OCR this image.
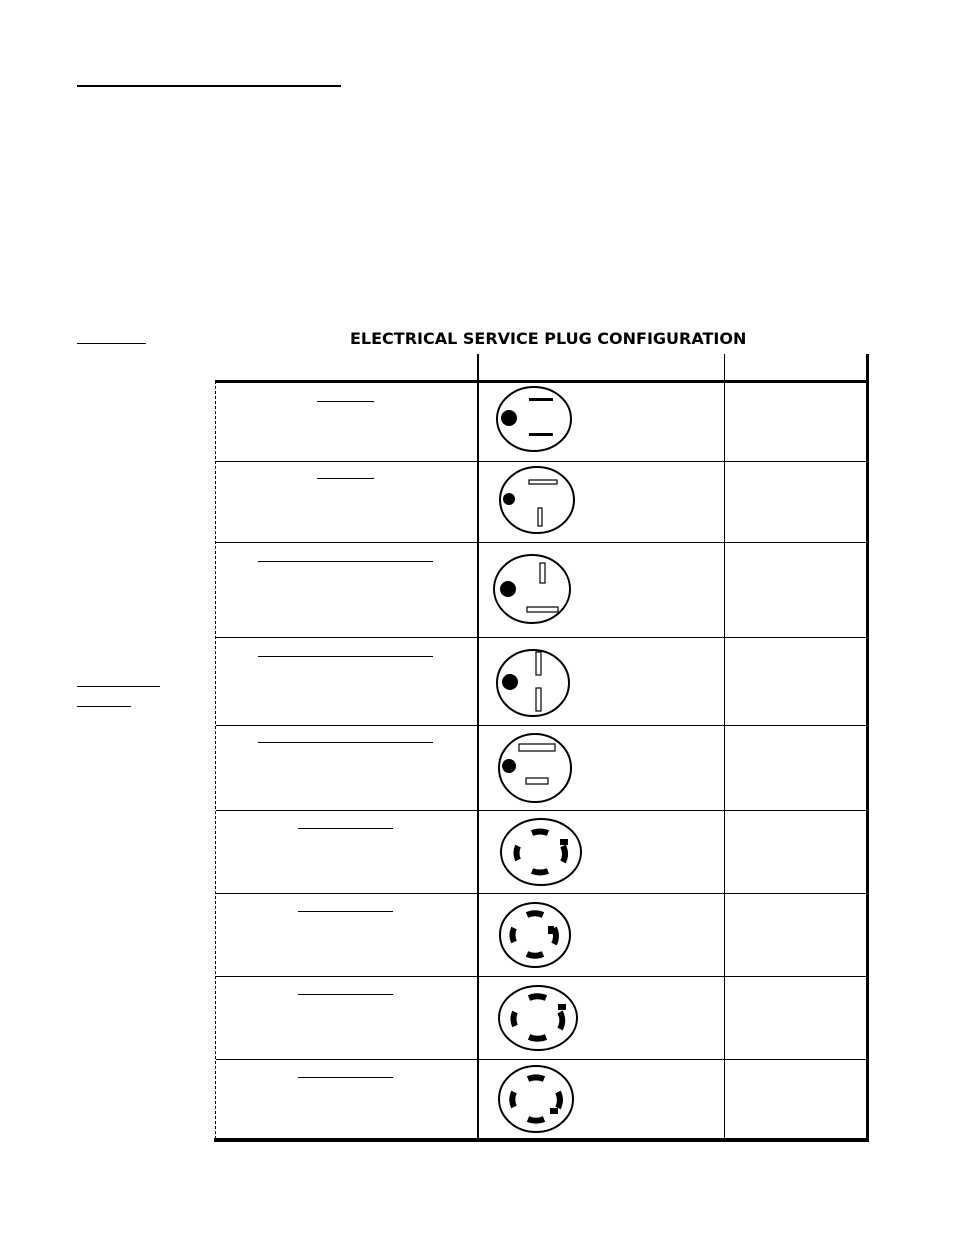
ELECTRICAL SERVICE PLUG CONFIGURATION
